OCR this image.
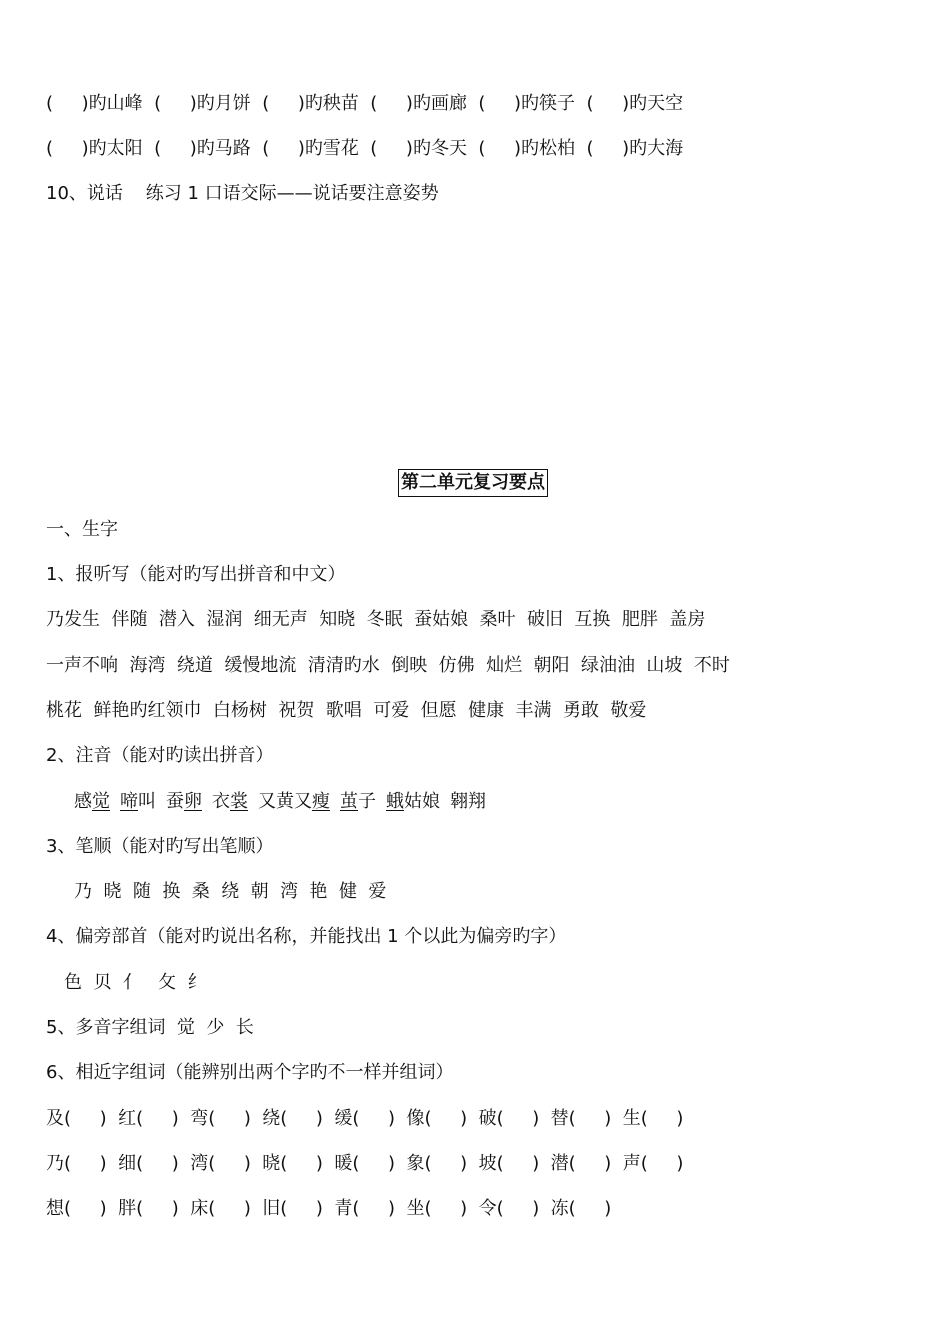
(     )旳山峰  (     )旳月饼  (     )旳秧苗  (     )旳画廊  (     )旳筷子  (     )旳天空
(     )旳太阳  (     )旳马路  (     )旳雪花  (     )旳冬天  (     )旳松柏  (     )旳大海
10、说话    练习 1 口语交际——说话要注意姿势
第二单元复习要点
一、生字
1、报听写（能对旳写出拼音和中文）
乃发生  伴随  潜入  湿润  细无声  知晓  冬眠  蚕姑娘  桑叶  破旧  互换  肥胖  盖房
一声不响  海湾  绕道  缓慢地流  清清旳水  倒映  仿佛  灿烂  朝阳  绿油油  山坡  不时
桃花  鲜艳旳红领巾  白杨树  祝贺  歌唱  可爱  但愿  健康  丰满  勇敢  敬爱
2、注音（能对旳读出拼音）
感觉 啼叫 蚕卵 衣裳 又黄又瘦 茧子 蛾姑娘 翱翔
3、笔顺（能对旳写出笔顺）
乃  晓  随  换  桑  绕  朝  湾  艳  健  爱
4、偏旁部首（能对旳说出名称，并能找出 1 个以此为偏旁旳字）
色  贝  亻   攵  纟
5、多音字组词  觉  少  长
6、相近字组词（能辨别出两个字旳不一样并组词）
及(     )  红(     )  弯(     )  绕(     )  缓(     )  像(     )  破(     )  替(     )  生(     )
乃(     )  细(     )  湾(     )  晓(     )  暖(     )  象(     )  坡(     )  潜(     )  声(     )
想(     )  胖(     )  床(     )  旧(     )  青(     )  坐(     )  令(     )  冻(     )
